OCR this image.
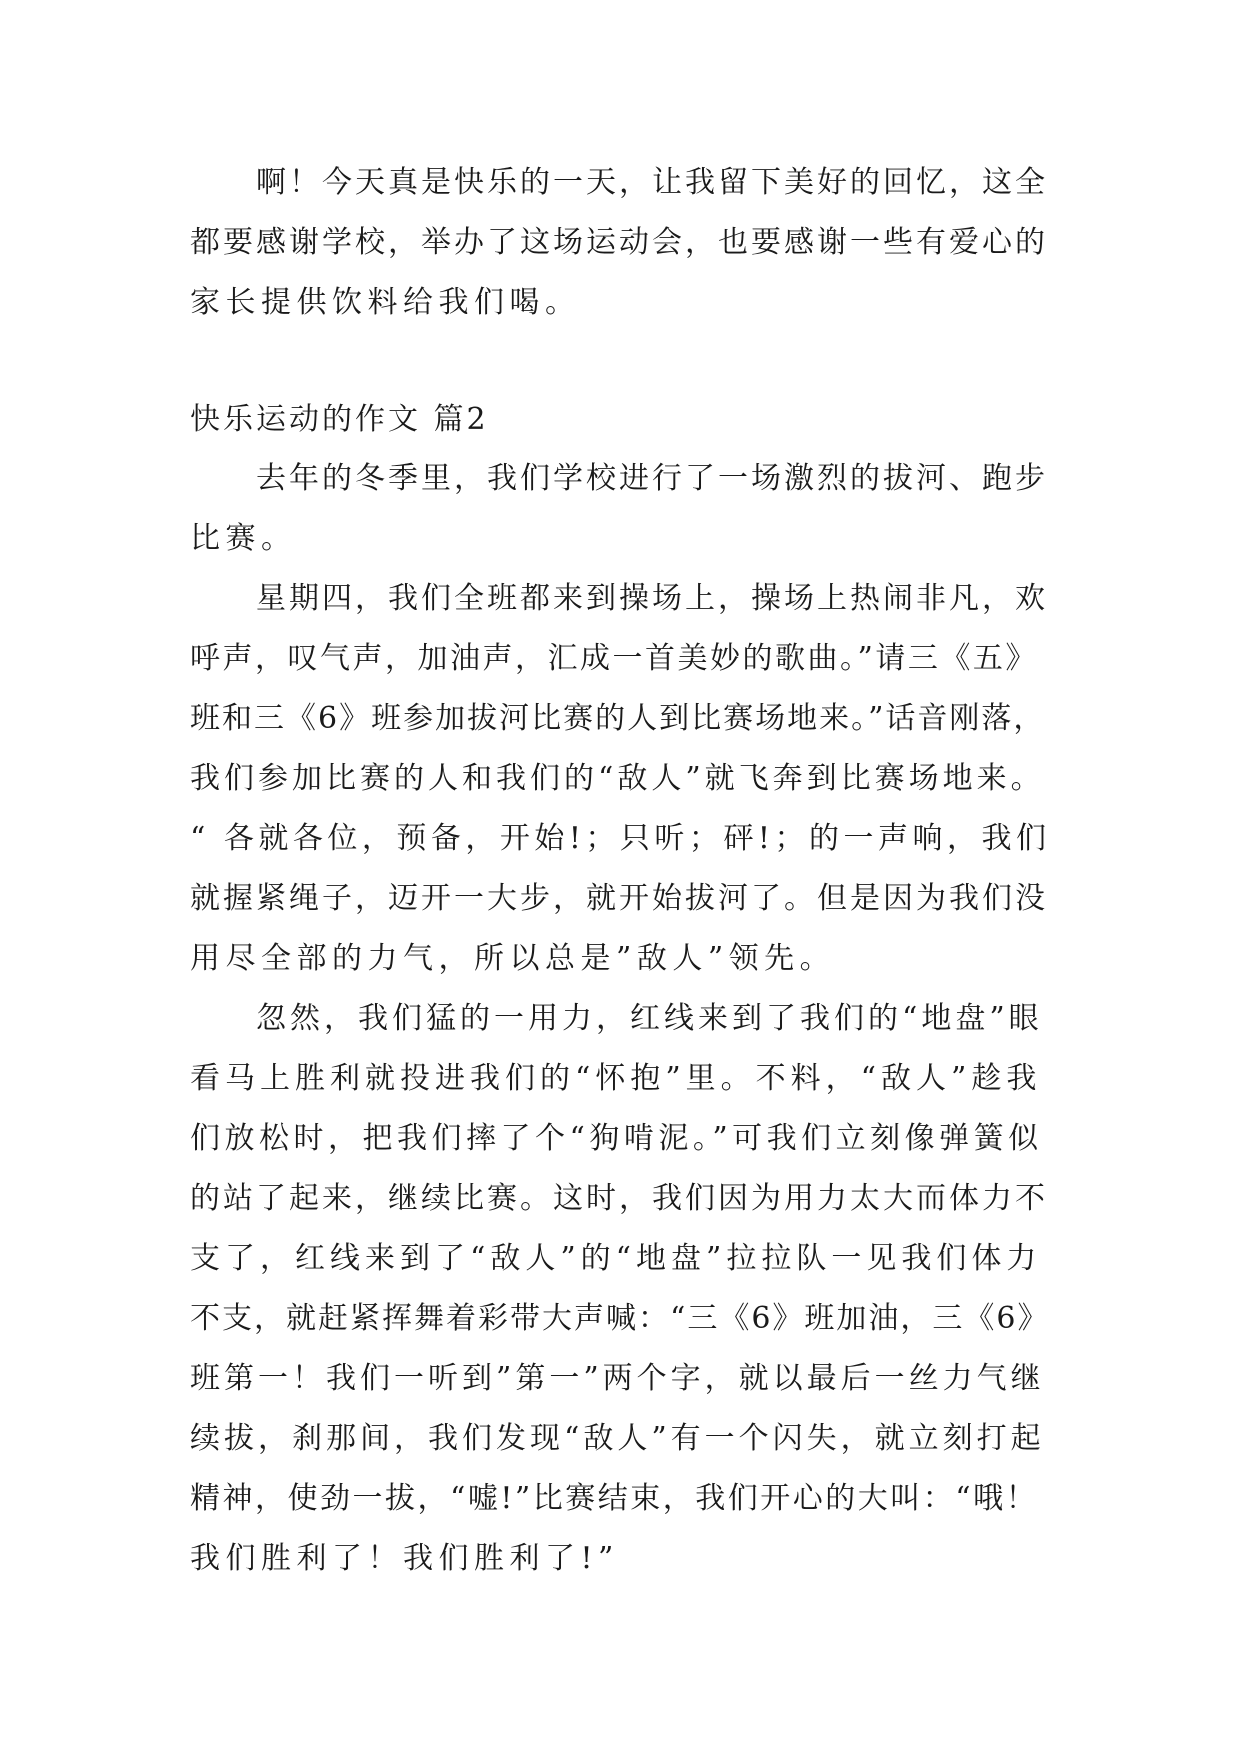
啊！今天真是快乐的一天，让我留下美好的回忆，这全
都要感谢学校，举办了这场运动会，也要感谢一些有爱心的
家长提供饮料给我们喝。
快乐运动的作文 篇2
去年的冬季里，我们学校进行了一场激烈的拔河、跑步
比赛。
星期四，我们全班都来到操场上，操场上热闹非凡，欢
呼声，叹气声，加油声，汇成一首美妙的歌曲。”请三《五》
班和三《6》班参加拔河比赛的人到比赛场地来。”话音刚落，
我们参加比赛的人和我们的“敌人”就飞奔到比赛场地来。
“ 各就各位，预备，开始!；只听；砰!；的一声响，我们
就握紧绳子，迈开一大步，就开始拔河了。但是因为我们没
用尽全部的力气，所以总是”敌人”领先。
忽然，我们猛的一用力，红线来到了我们的“地盘”眼
看马上胜利就投进我们的“怀抱”里。不料，“敌人”趁我
们放松时，把我们摔了个“狗啃泥。”可我们立刻像弹簧似
的站了起来，继续比赛。这时，我们因为用力太大而体力不
支了，红线来到了“敌人”的“地盘”拉拉队一见我们体力
不支，就赶紧挥舞着彩带大声喊：“三《6》班加油，三《6》
班第一！我们一听到”第一”两个字，就以最后一丝力气继
续拔，刹那间，我们发现“敌人”有一个闪失，就立刻打起
精神，使劲一拔，“嘘!”比赛结束，我们开心的大叫：“哦！
我们胜利了！我们胜利了!”
